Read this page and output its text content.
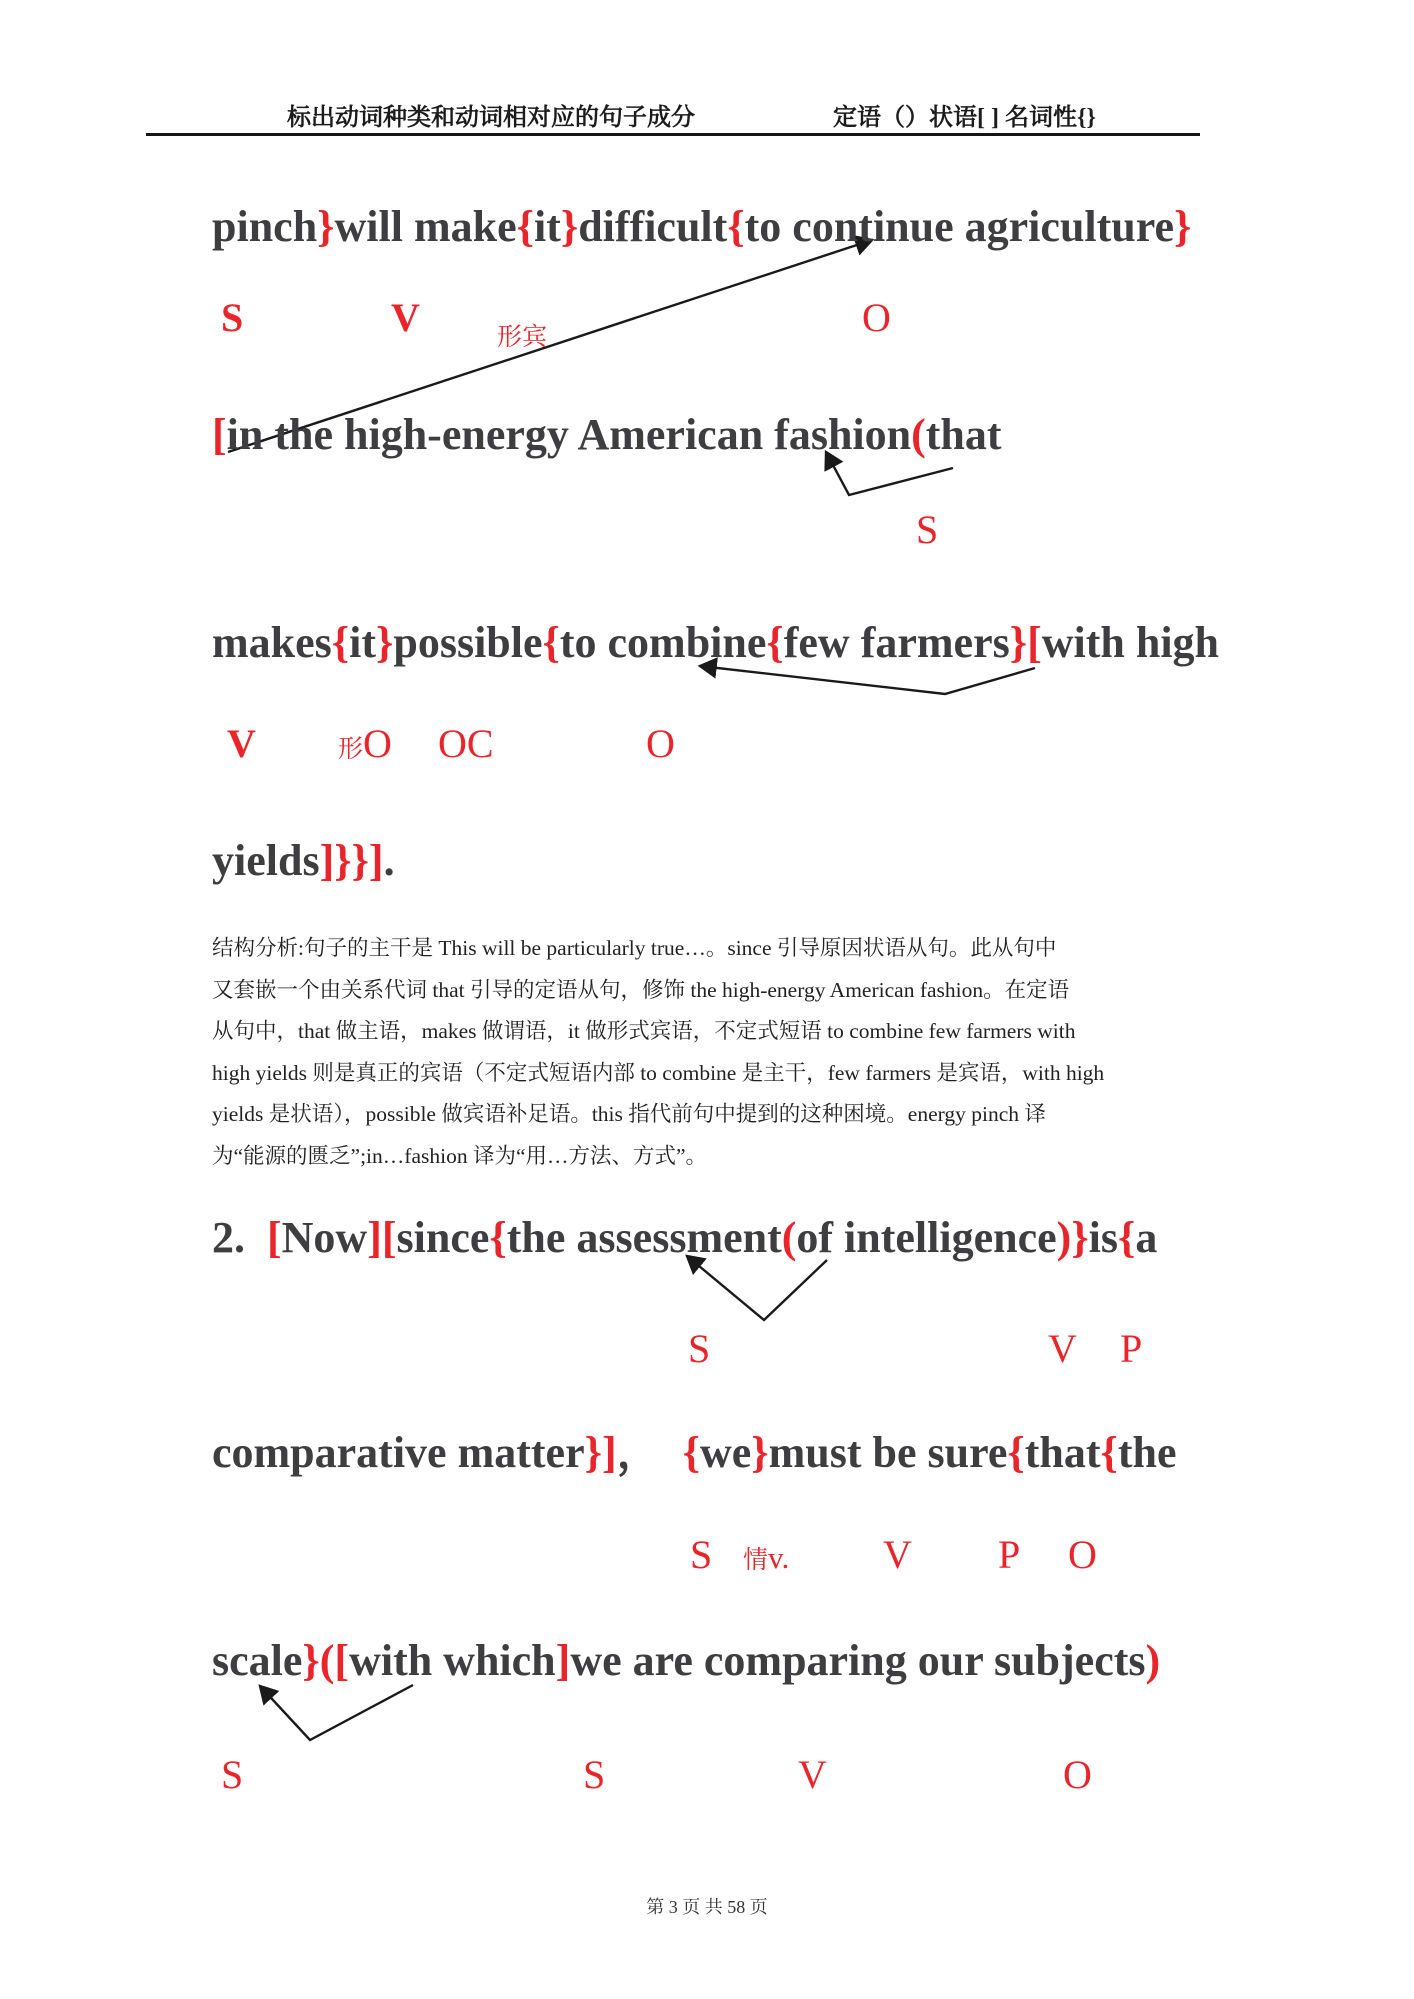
标出动词种类和动词相对应的句子成分	定语（）状语[ ] 名词性{}
pinch}will make{it}difficult{to continue agriculture}
[in the high-energy American fashion(that
makes{it}possible{to combine{few farmers}[with high
yields]}}].
2.  [Now][since{the assessment(of intelligence)}is{a
comparative matter}]，  {we}must be sure{that{the
scale}([with which]we are comparing our subjects)
S	V	形宾	O
S
V	形O OC	O
S	V P
S 情v. V P O
S	S	V	O
结构分析:句子的主干是 This will be particularly true…。since 引导原因状语从句。此从句中
又套嵌一个由关系代词 that 引导的定语从句，修饰 the high-energy American fashion。在定语
从句中，that 做主语，makes 做谓语，it 做形式宾语，不定式短语 to combine few farmers with
high yields 则是真正的宾语（不定式短语内部 to combine 是主干，few farmers 是宾语，with high
yields 是状语），possible 做宾语补足语。this 指代前句中提到的这种困境。energy pinch 译
为“能源的匮乏”;in…fashion 译为“用…方法、方式”。
第 3 页 共 58 页
